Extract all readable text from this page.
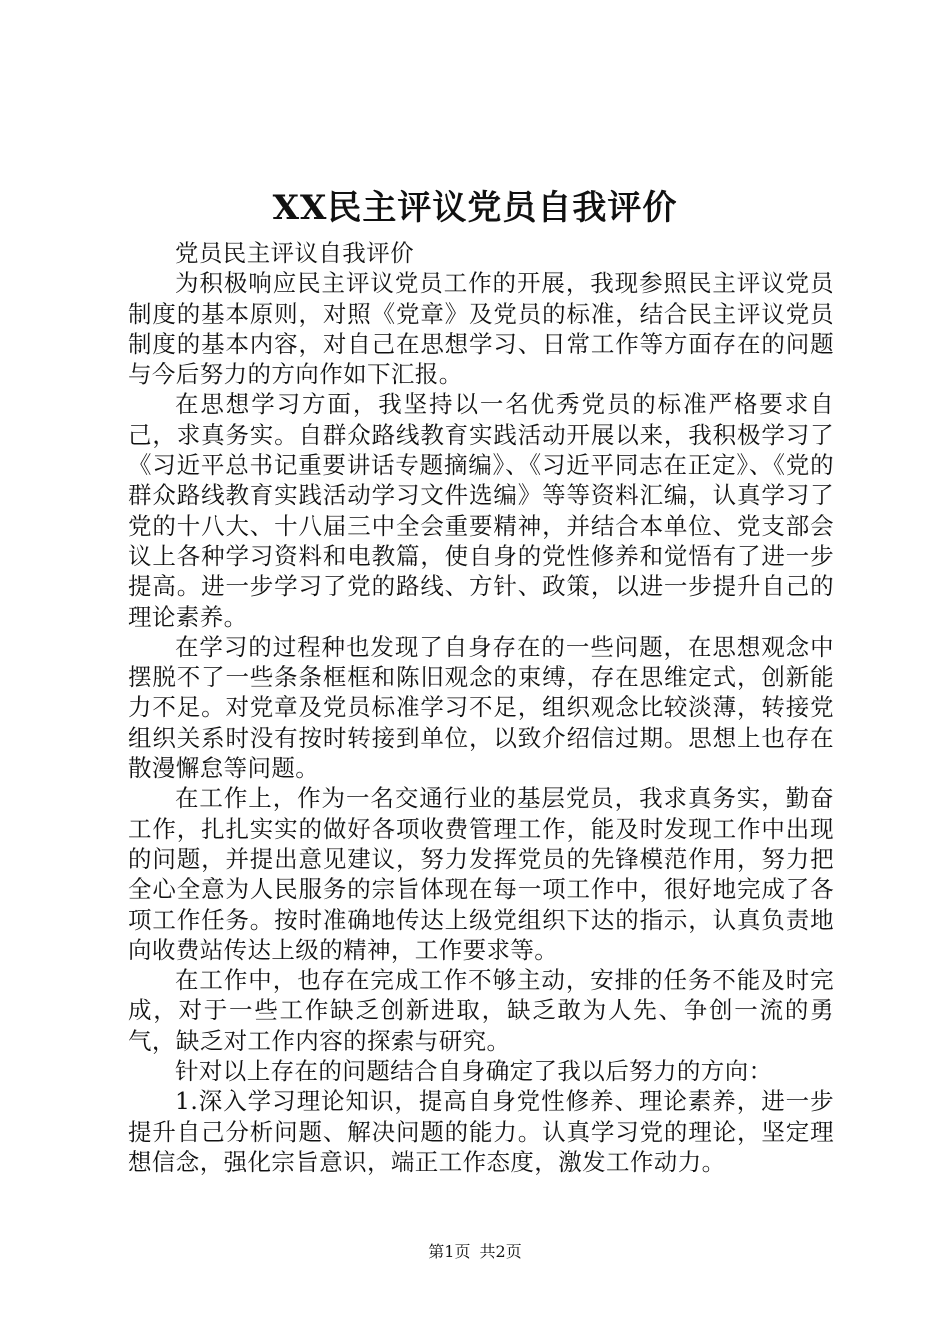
XX民主评议党员自我评价

党员民主评议自我评价

为积极响应民主评议党员工作的开展，我现参照民主评议党员制度的基本原则，对照《党章》及党员的标准，结合民主评议党员制度的基本内容，对自己在思想学习、日常工作等方面存在的问题与今后努力的方向作如下汇报。

在思想学习方面，我坚持以一名优秀党员的标准严格要求自己，求真务实。自群众路线教育实践活动开展以来，我积极学习了《习近平总书记重要讲话专题摘编》、《习近平同志在正定》、《党的群众路线教育实践活动学习文件选编》等等资料汇编，认真学习了党的十八大、十八届三中全会重要精神，并结合本单位、党支部会议上各种学习资料和电教篇，使自身的党性修养和觉悟有了进一步提高。进一步学习了党的路线、方针、政策，以进一步提升自己的理论素养。

在学习的过程种也发现了自身存在的一些问题，在思想观念中摆脱不了一些条条框框和陈旧观念的束缚，存在思维定式，创新能力不足。对党章及党员标准学习不足，组织观念比较淡薄，转接党组织关系时没有按时转接到单位，以致介绍信过期。思想上也存在散漫懈怠等问题。

在工作上，作为一名交通行业的基层党员，我求真务实，勤奋工作，扎扎实实的做好各项收费管理工作，能及时发现工作中出现的问题，并提出意见建议，努力发挥党员的先锋模范作用，努力把全心全意为人民服务的宗旨体现在每一项工作中，很好地完成了各项工作任务。按时准确地传达上级党组织下达的指示，认真负责地向收费站传达上级的精神，工作要求等。

在工作中，也存在完成工作不够主动，安排的任务不能及时完成，对于一些工作缺乏创新进取，缺乏敢为人先、争创一流的勇气，缺乏对工作内容的探索与研究。

针对以上存在的问题结合自身确定了我以后努力的方向：

1.深入学习理论知识，提高自身党性修养、理论素养，进一步提升自己分析问题、解决问题的能力。认真学习党的理论，坚定理想信念，强化宗旨意识，端正工作态度，激发工作动力。

第1页 共2页
